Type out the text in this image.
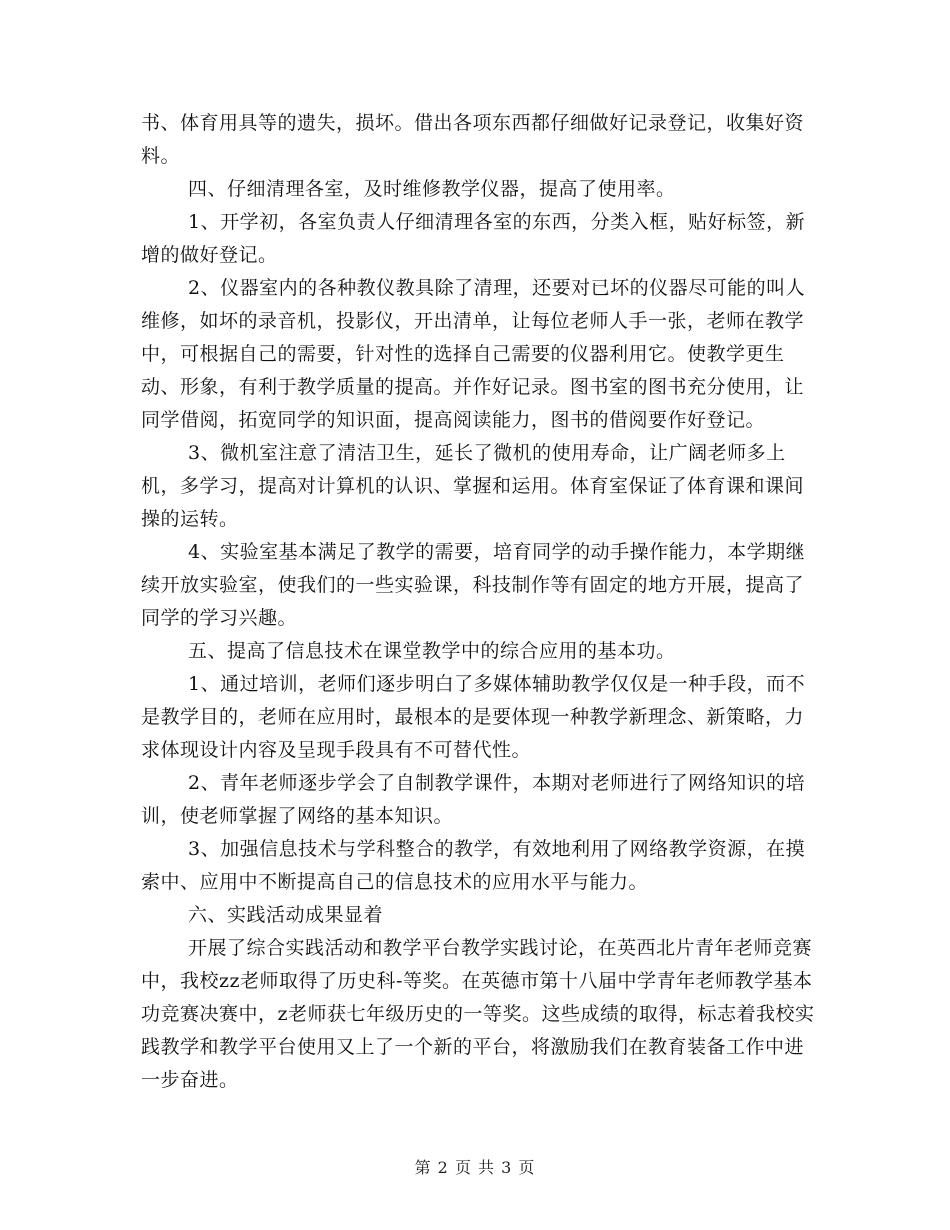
书、体育用具等的遗失，损坏。借出各项东西都仔细做好记录登记，收集好资料。

四、仔细清理各室，及时维修教学仪器，提高了使用率。

1、开学初，各室负责人仔细清理各室的东西，分类入框，贴好标签，新增的做好登记。

2、仪器室内的各种教仪教具除了清理，还要对已坏的仪器尽可能的叫人维修，如坏的录音机，投影仪，开出清单，让每位老师人手一张，老师在教学中，可根据自己的需要，针对性的选择自己需要的仪器利用它。使教学更生动、形象，有利于教学质量的提高。并作好记录。图书室的图书充分使用，让同学借阅，拓宽同学的知识面，提高阅读能力，图书的借阅要作好登记。

3、微机室注意了清洁卫生，延长了微机的使用寿命，让广阔老师多上机，多学习，提高对计算机的认识、掌握和运用。体育室保证了体育课和课间操的运转。

4、实验室基本满足了教学的需要，培育同学的动手操作能力，本学期继续开放实验室，使我们的一些实验课，科技制作等有固定的地方开展，提高了同学的学习兴趣。

五、提高了信息技术在课堂教学中的综合应用的基本功。

1、通过培训，老师们逐步明白了多媒体辅助教学仅仅是一种手段，而不是教学目的，老师在应用时，最根本的是要体现一种教学新理念、新策略，力求体现设计内容及呈现手段具有不可替代性。

2、青年老师逐步学会了自制教学课件，本期对老师进行了网络知识的培训，使老师掌握了网络的基本知识。

3、加强信息技术与学科整合的教学，有效地利用了网络教学资源，在摸索中、应用中不断提高自己的信息技术的应用水平与能力。

六、实践活动成果显着

开展了综合实践活动和教学平台教学实践讨论，在英西北片青年老师竞赛中，我校zz老师取得了历史科-等奖。在英德市第十八届中学青年老师教学基本功竞赛决赛中，z老师获七年级历史的一等奖。这些成绩的取得，标志着我校实践教学和教学平台使用又上了一个新的平台，将激励我们在教育装备工作中进一步奋进。

第 2 页 共 3 页
